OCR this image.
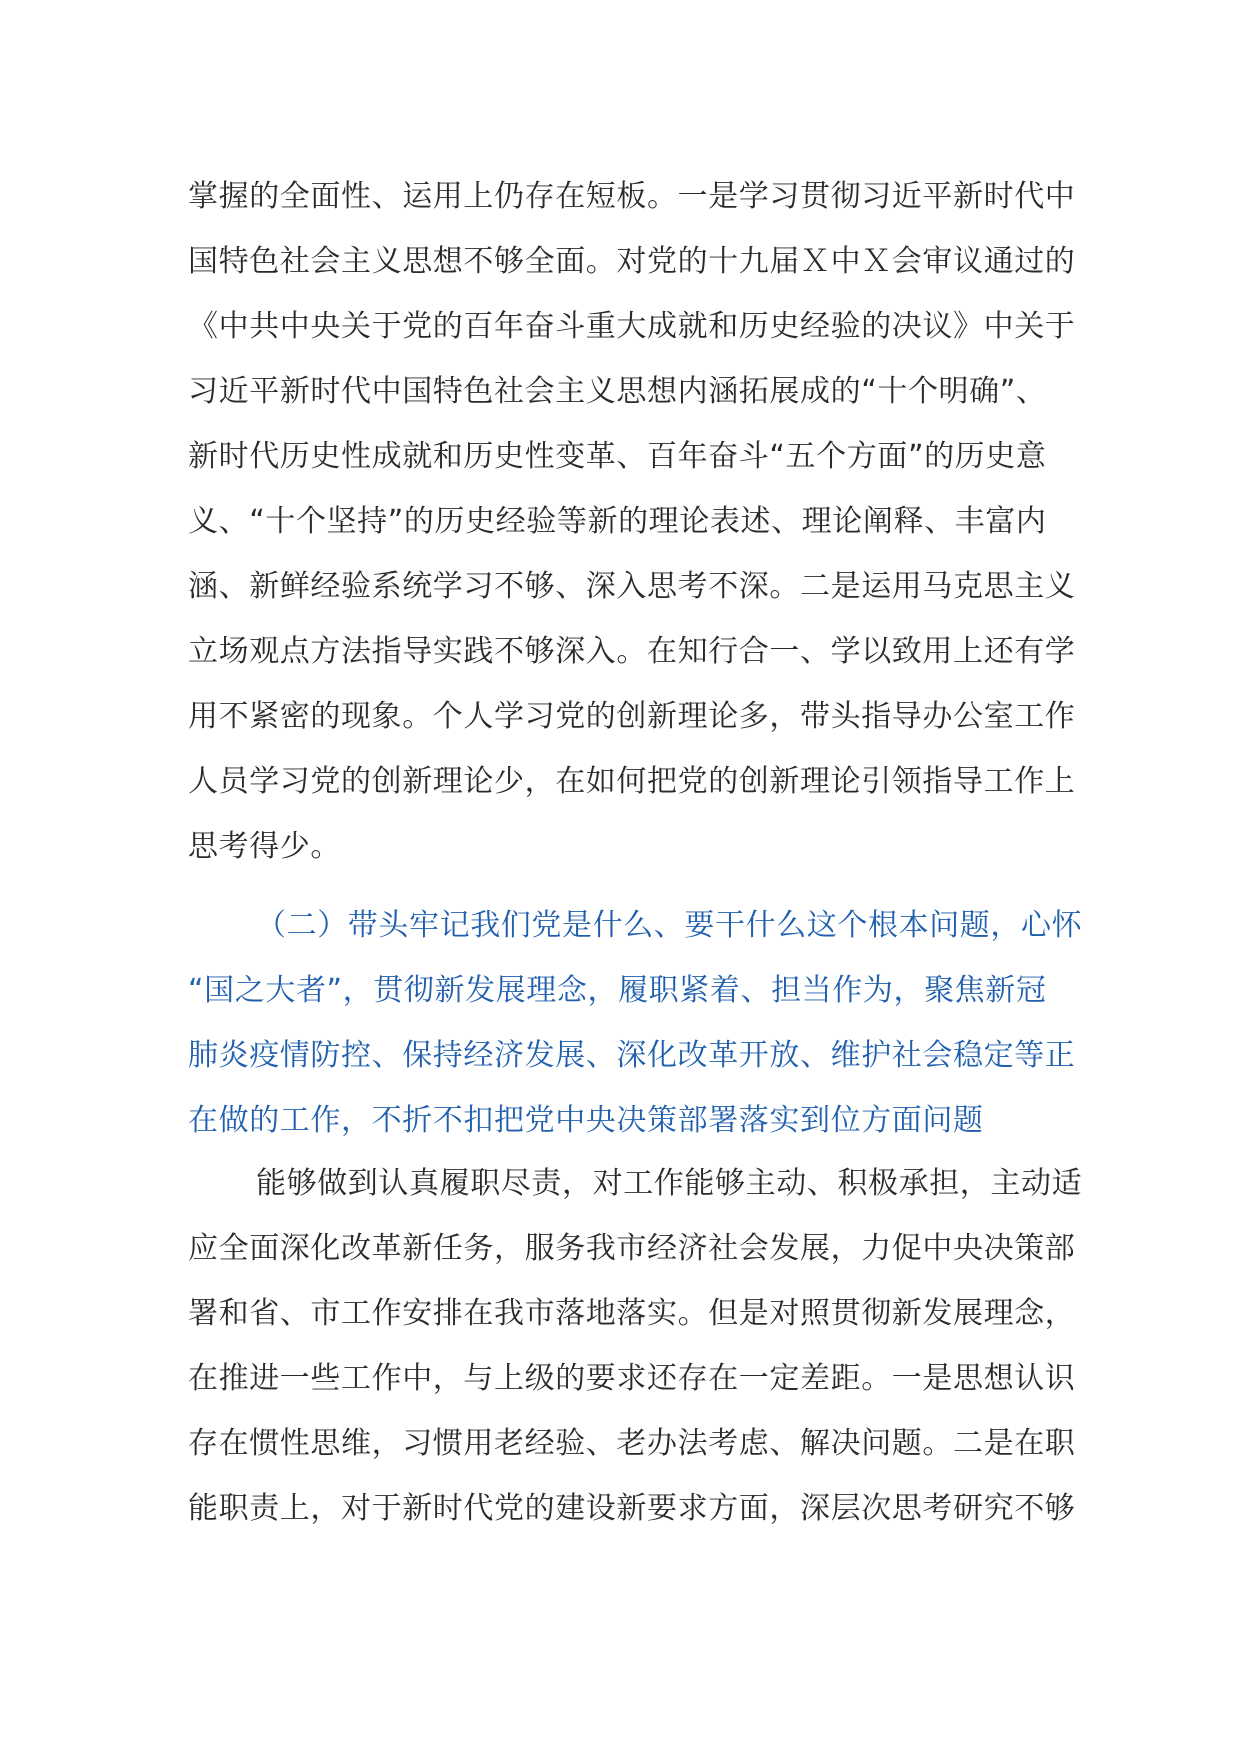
掌握的全面性、运用上仍存在短板。一是学习贯彻习近平新时代中
国特色社会主义思想不够全面。对党的十九届Ｘ中Ｘ会审议通过的
《中共中央关于党的百年奋斗重大成就和历史经验的决议》中关于
习近平新时代中国特色社会主义思想内涵拓展成的“十个明确”、
新时代历史性成就和历史性变革、百年奋斗“五个方面”的历史意
义、“十个坚持”的历史经验等新的理论表述、理论阐释、丰富内
涵、新鲜经验系统学习不够、深入思考不深。二是运用马克思主义
立场观点方法指导实践不够深入。在知行合一、学以致用上还有学
用不紧密的现象。个人学习党的创新理论多，带头指导办公室工作
人员学习党的创新理论少，在如何把党的创新理论引领指导工作上
思考得少。

（二）带头牢记我们党是什么、要干什么这个根本问题，心怀
“国之大者”，贯彻新发展理念，履职紧着、担当作为，聚焦新冠
肺炎疫情防控、保持经济发展、深化改革开放、维护社会稳定等正
在做的工作，不折不扣把党中央决策部署落实到位方面问题

能够做到认真履职尽责，对工作能够主动、积极承担，主动适
应全面深化改革新任务，服务我市经济社会发展，力促中央决策部
署和省、市工作安排在我市落地落实。但是对照贯彻新发展理念，
在推进一些工作中，与上级的要求还存在一定差距。一是思想认识
存在惯性思维，习惯用老经验、老办法考虑、解决问题。二是在职
能职责上，对于新时代党的建设新要求方面，深层次思考研究不够
